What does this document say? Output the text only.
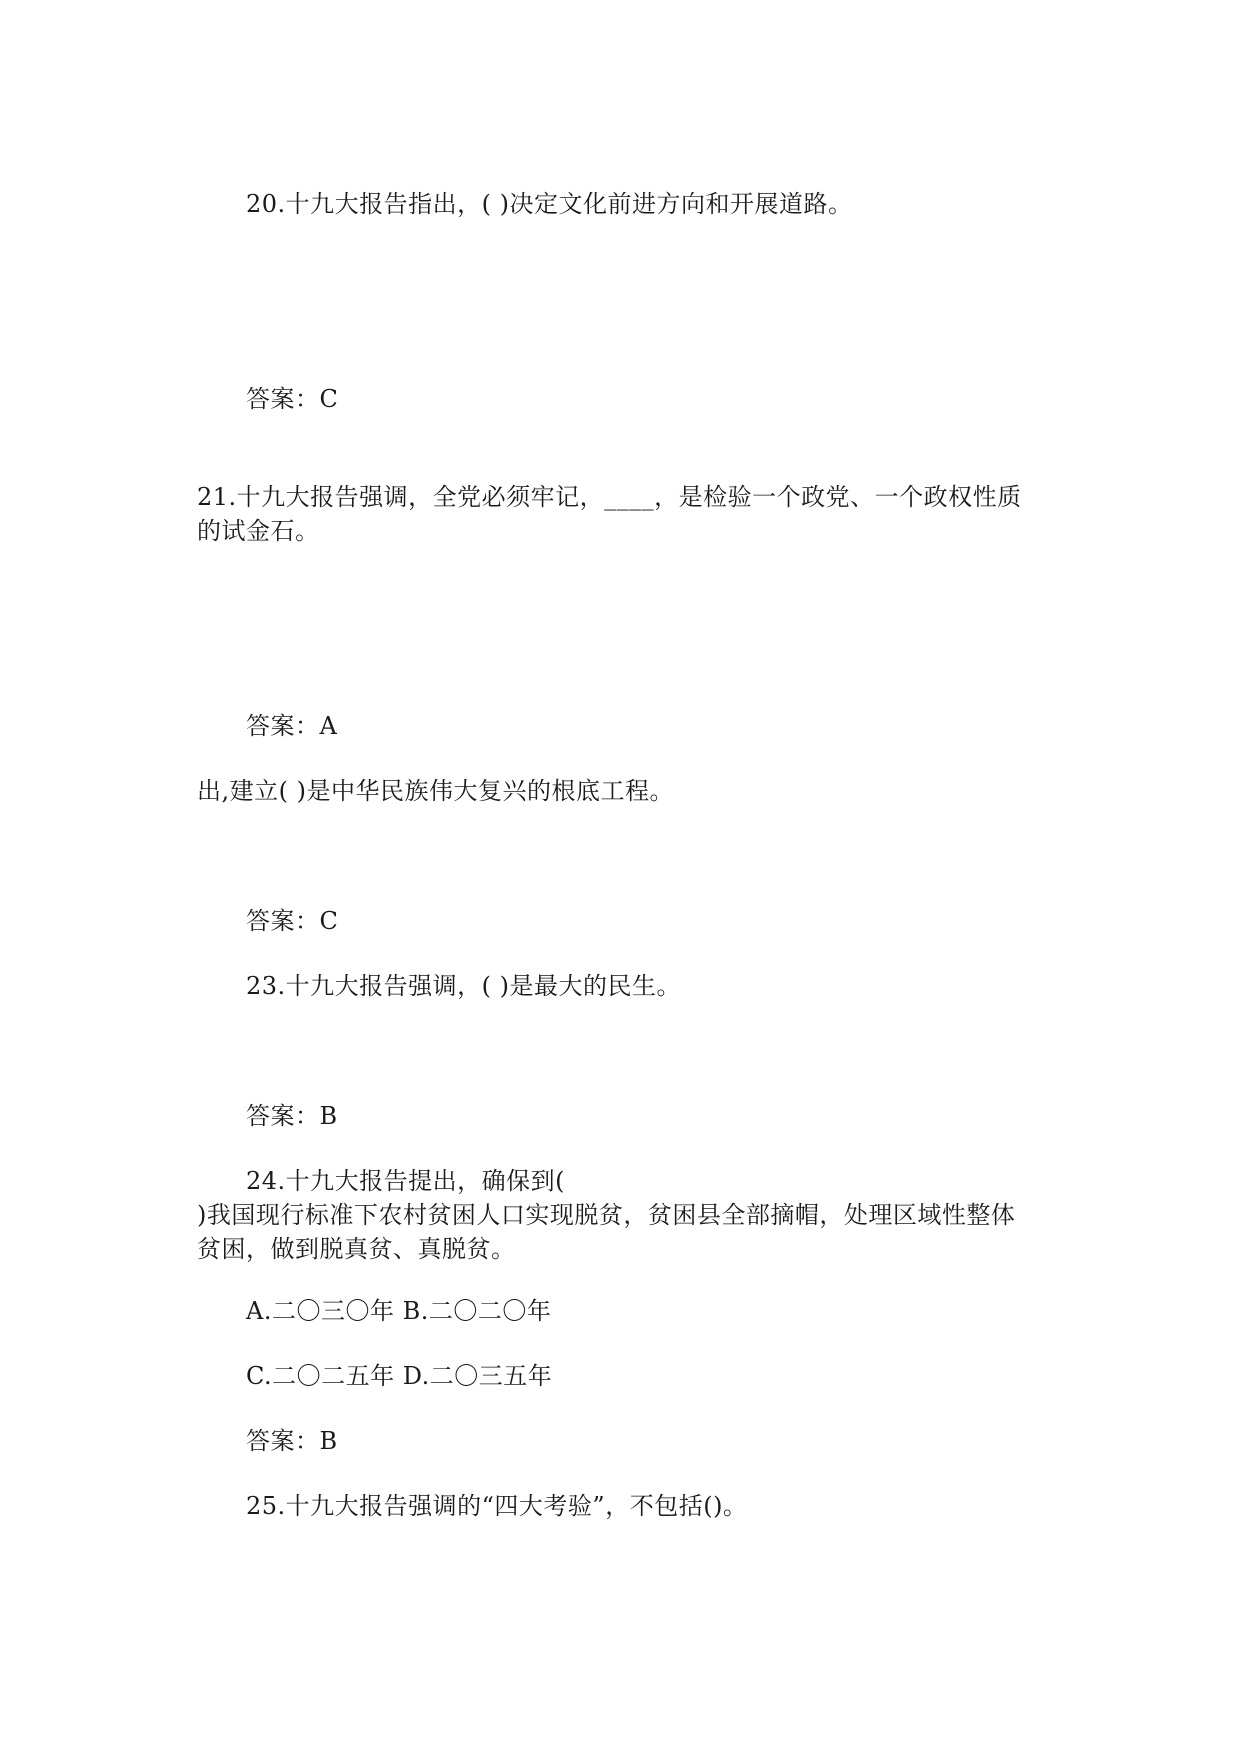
20.十九大报告指出，( )决定文化前进方向和开展道路。
答案：C
21.十九大报告强调，全党必须牢记，____，是检验一个政党、一个政权性质
的试金石。
答案：A
出,建立( )是中华民族伟大复兴的根底工程。
答案：C
23.十九大报告强调，( )是最大的民生。
答案：B
24.十九大报告提出，确保到(
)我国现行标准下农村贫困人口实现脱贫，贫困县全部摘帽，处理区域性整体
贫困，做到脱真贫、真脱贫。
A.二〇三〇年 B.二〇二〇年
C.二〇二五年 D.二〇三五年
答案：B
25.十九大报告强调的“四大考验”，不包括()。
